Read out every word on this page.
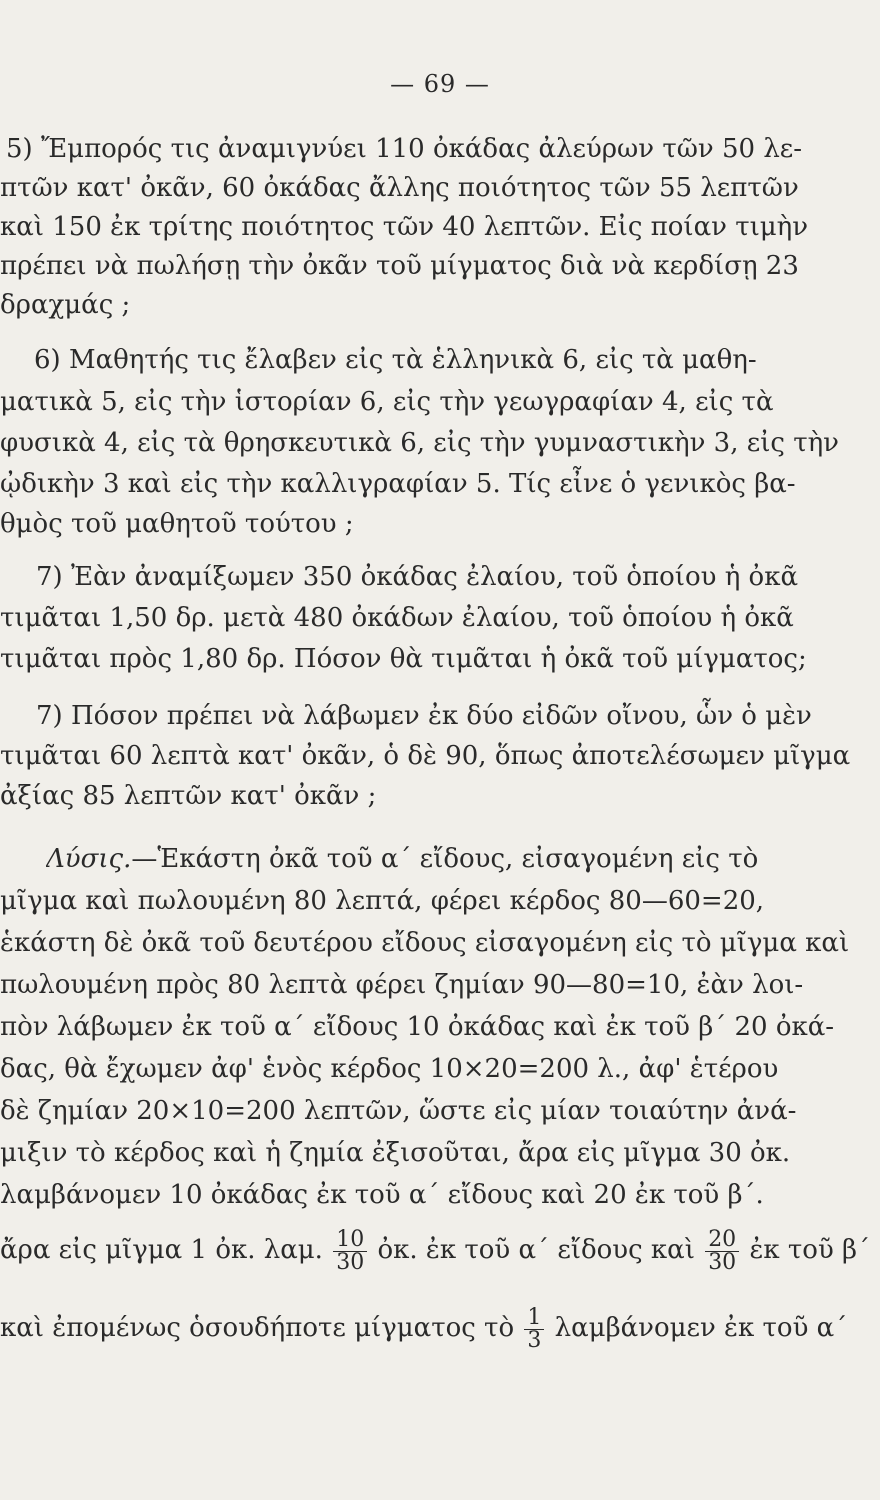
— 69 —
5) Ἔμπορός τις ἀναμιγνύει 110 ὀκάδας ἀλεύρων τῶν 50 λε-
πτῶν κατ' ὀκᾶν, 60 ὀκάδας ἄλλης ποιότητος τῶν 55 λεπτῶν
καὶ 150 ἐκ τρίτης ποιότητος τῶν 40 λεπτῶν. Εἰς ποίαν τιμὴν
πρέπει νὰ πωλήσῃ τὴν ὀκᾶν τοῦ μίγματος διὰ νὰ κερδίσῃ 23
δραχμάς ;
6) Μαθητής τις ἔλαβεν εἰς τὰ ἑλληνικὰ 6, εἰς τὰ μαθη-
ματικὰ 5, εἰς τὴν ἱστορίαν 6, εἰς τὴν γεωγραφίαν 4, εἰς τὰ
φυσικὰ 4, εἰς τὰ θρησκευτικὰ 6, εἰς τὴν γυμναστικὴν 3, εἰς τὴν
ᾠδικὴν 3 καὶ εἰς τὴν καλλιγραφίαν 5. Τίς εἶνε ὁ γενικὸς βα-
θμὸς τοῦ μαθητοῦ τούτου ;
7) Ἐὰν ἀναμίξωμεν 350 ὀκάδας ἐλαίου, τοῦ ὁποίου ἡ ὀκᾶ
τιμᾶται 1,50 δρ. μετὰ 480 ὀκάδων ἐλαίου, τοῦ ὁποίου ἡ ὀκᾶ
τιμᾶται πρὸς 1,80 δρ. Πόσον θὰ τιμᾶται ἡ ὀκᾶ τοῦ μίγματος;
7) Πόσον πρέπει νὰ λάβωμεν ἐκ δύο εἰδῶν οἴνου, ὧν ὁ μὲν
τιμᾶται 60 λεπτὰ κατ' ὀκᾶν, ὁ δὲ 90, ὅπως ἀποτελέσωμεν μῖγμα
ἀξίας 85 λεπτῶν κατ' ὀκᾶν ;
Λύσις.—Ἑκάστη ὀκᾶ τοῦ α΄ εἴδους, εἰσαγομένη εἰς τὸ
μῖγμα καὶ πωλουμένη 80 λεπτά, φέρει κέρδος 80—60=20,
ἑκάστη δὲ ὀκᾶ τοῦ δευτέρου εἴδους εἰσαγομένη εἰς τὸ μῖγμα καὶ
πωλουμένη πρὸς 80 λεπτὰ φέρει ζημίαν 90—80=10, ἐὰν λοι-
πὸν λάβωμεν ἐκ τοῦ α΄ εἴδους 10 ὀκάδας καὶ ἐκ τοῦ β΄ 20 ὀκά-
δας, θὰ ἔχωμεν ἀφ' ἑνὸς κέρδος 10×20=200 λ., ἀφ' ἑτέρου
δὲ ζημίαν 20×10=200 λεπτῶν, ὥστε εἰς μίαν τοιαύτην ἀνά-
μιξιν τὸ κέρδος καὶ ἡ ζημία ἐξισοῦται, ἄρα εἰς μῖγμα 30 ὀκ.
λαμβάνομεν 10 ὀκάδας ἐκ τοῦ α΄ εἴδους καὶ 20 ἐκ τοῦ β΄.
ἄρα εἰς μῖγμα 1 ὀκ. λαμ. $\frac{10}{30}$ ὀκ. ἐκ τοῦ α΄ εἴδους καὶ $\frac{20}{30}$ ἐκ τοῦ β΄
καὶ ἐπομένως ὁσουδήποτε μίγματος τὸ $\frac{1}{3}$ λαμβάνομεν ἐκ τοῦ α΄
